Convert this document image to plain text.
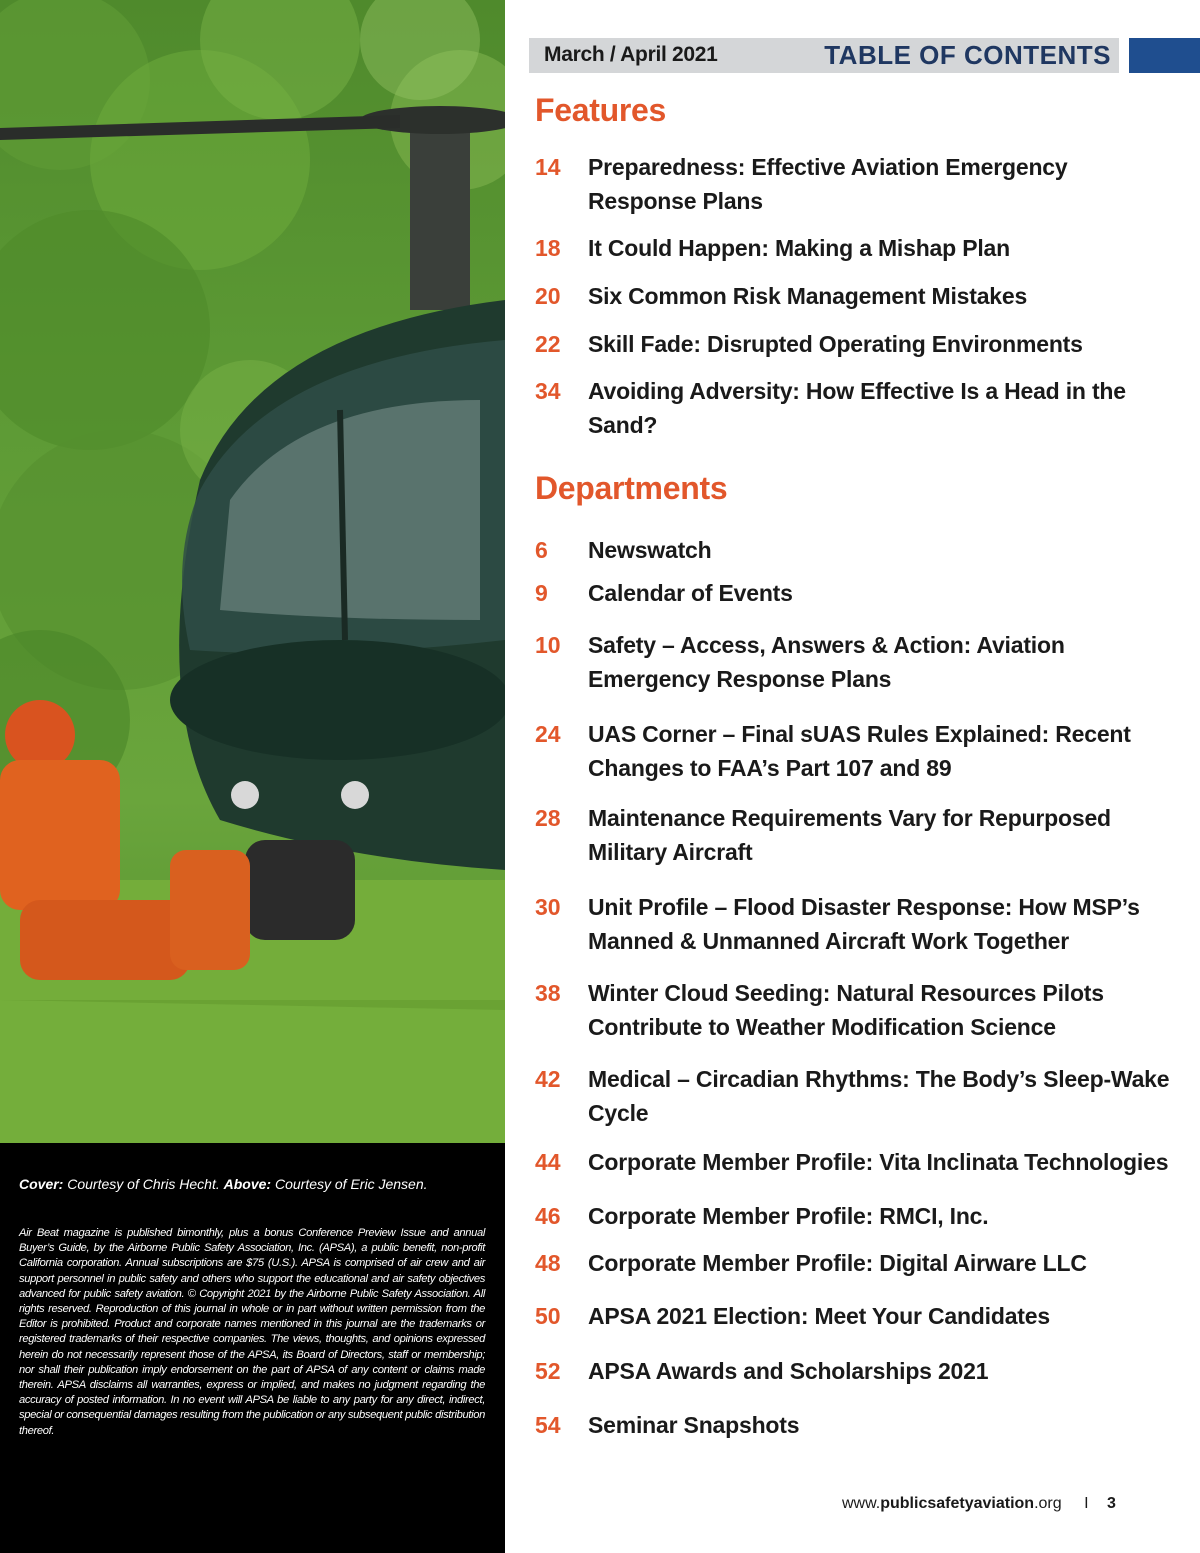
Cover: Courtesy of Chris Hecht. Above: Courtesy of Eric Jensen.

Air Beat magazine is published bimonthly, plus a bonus Conference Preview Issue and annual Buyer’s Guide, by the Airborne Public Safety Association, Inc. (APSA), a public benefit, non-profit California corporation. Annual subscriptions are $75 (U.S.). APSA is comprised of air crew and air support personnel in public safety and others who support the educational and air safety objectives advanced for public safety aviation. © Copyright 2021 by the Airborne Public Safety Association. All rights reserved. Reproduction of this journal in whole or in part without written permission from the Editor is prohibited. Product and corporate names mentioned in this journal are the trademarks or registered trademarks of their respective companies. The views, thoughts, and opinions expressed herein do not necessarily represent those of the APSA, its Board of Directors, staff or membership; nor shall their publication imply endorsement on the part of APSA of any content or claims made therein. APSA disclaims all warranties, express or implied, and makes no judgment regarding the accuracy of posted information. In no event will APSA be liable to any party for any direct, indirect, special or consequential damages resulting from the publication or any subsequent public distribution thereof.

March / April 2021	TABLE OF CONTENTS
Features
14	Preparedness: Effective Aviation Emergency Response Plans
18	It Could Happen: Making a Mishap Plan
20	Six Common Risk Management Mistakes
22	Skill Fade: Disrupted Operating Environments
34	Avoiding Adversity: How Effective Is a Head in the Sand?
Departments
6	Newswatch
9	Calendar of Events
10	Safety – Access, Answers & Action: Aviation Emergency Response Plans
24	UAS Corner – Final sUAS Rules Explained: Recent Changes to FAA’s Part 107 and 89
28	Maintenance Requirements Vary for Repurposed Military Aircraft
30	Unit Profile – Flood Disaster Response: How MSP’s Manned & Unmanned Aircraft Work Together
38	Winter Cloud Seeding: Natural Resources Pilots Contribute to Weather Modification Science
42	Medical – Circadian Rhythms: The Body’s Sleep-Wake Cycle
44	Corporate Member Profile: Vita Inclinata Technologies
46	Corporate Member Profile: RMCI, Inc.
48	Corporate Member Profile: Digital Airware LLC
50	APSA 2021 Election: Meet Your Candidates
52	APSA Awards and Scholarships 2021
54	Seminar Snapshots
www.publicsafetyaviation.org I 3
